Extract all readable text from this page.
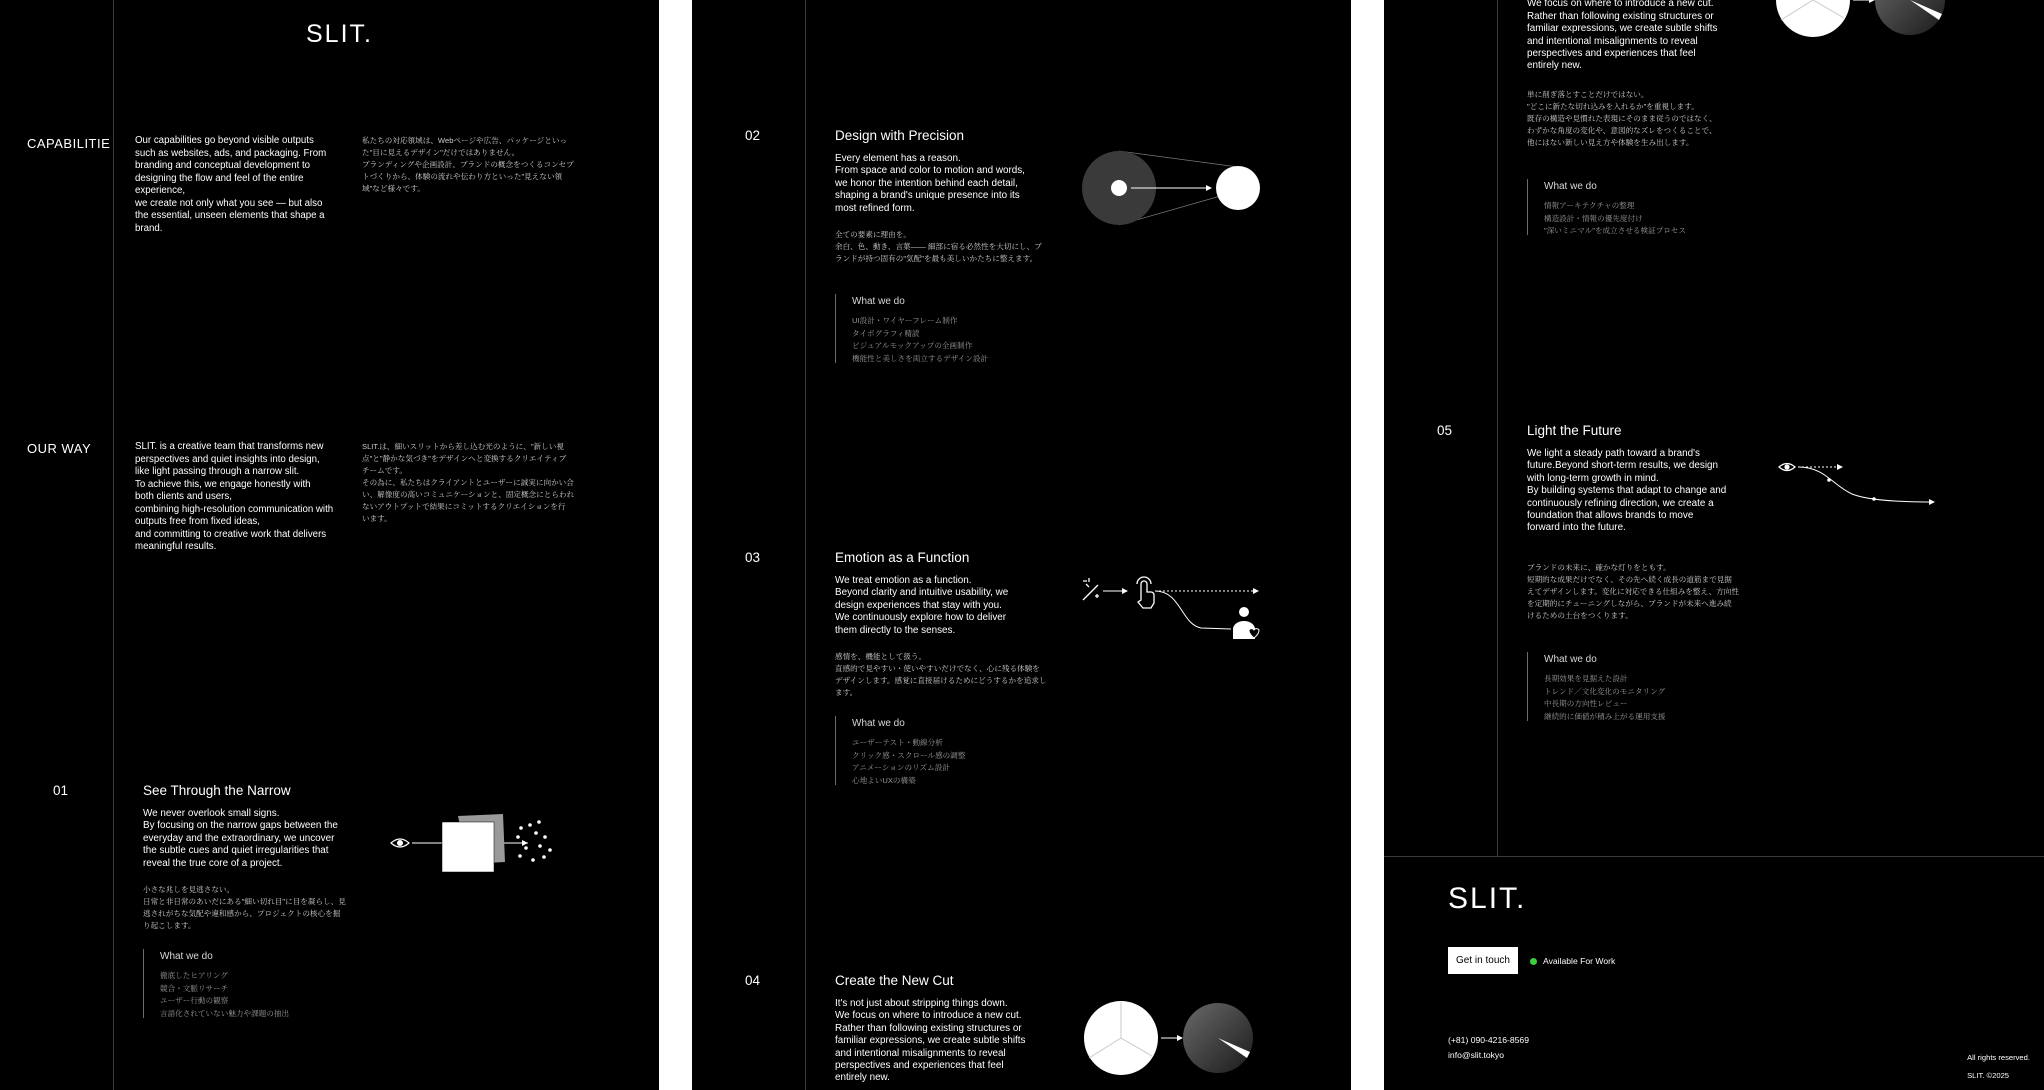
SLIT.
CAPABILITIE	Our capabilities go beyond visible outputs
such as websites, ads, and packaging. From
branding and conceptual development to
designing the flow and feel of the entire
experience,
we create not only what you see — but also
the essential, unseen elements that shape a
brand.
私たちの対応領域は、Webページや広告、パッケージといっ
た"目に見えるデザイン"だけではありません。
ブランディングや企画設計、ブランドの概念をつくるコンセプ
トづくりから、体験の流れや伝わり方といった"見えない領
域"など様々です。
OUR WAY	SLIT. is a creative team that transforms new
perspectives and quiet insights into design,
like light passing through a narrow slit.
To achieve this, we engage honestly with
both clients and users,
combining high-resolution communication with
outputs free from fixed ideas,
and committing to creative work that delivers
meaningful results.
SLIT.は、細いスリットから差し込む光のように、"新しい視
点"と"静かな気づき"をデザインへと変換するクリエイティブ
チームです。
その為に、私たちはクライアントとユーザーに誠実に向かい合
い、解像度の高いコミュニケーションと、固定概念にとらわれ
ないアウトプットで結果にコミットするクリエイションを行
います。
01	See Through the Narrow
We never overlook small signs.
By focusing on the narrow gaps between the
everyday and the extraordinary, we uncover
the subtle cues and quiet irregularities that
reveal the true core of a project.
小さな兆しを見逃さない。
日常と非日常のあいだにある"細い切れ目"に目を凝らし、見
逃されがちな気配や違和感から、プロジェクトの核心を掘
り起こします。
What we do
徹底したヒアリング
競合・文脈リサーチ
ユーザー行動の観察
言語化されていない魅力や課題の抽出
02	Design with Precision
Every element has a reason.
From space and color to motion and words,
we honor the intention behind each detail,
shaping a brand's unique presence into its
most refined form.
全ての要素に理由を。
余白、色、動き、言葉―― 細部に宿る必然性を大切にし、ブ
ランドが持つ固有の"気配"を最も美しいかたちに整えます。
What we do
UI設計・ワイヤーフレーム制作
タイポグラフィ精読
ビジュアルモックアップの全画制作
機能性と美しさを両立するデザイン設計
03	Emotion as a Function
We treat emotion as a function.
Beyond clarity and intuitive usability, we
design experiences that stay with you.
We continuously explore how to deliver
them directly to the senses.
感情を、機能として扱う。
直感的で見やすい・使いやすいだけでなく、心に残る体験を
デザインします。感覚に直接届けるためにどうするかを追求し
ます。
What we do
ユーザーテスト・動線分析
クリック感・スクロール感の調整
アニメーションのリズム設計
心地よいUXの構築
04	Create the New Cut
It's not just about stripping things down.
We focus on where to introduce a new cut.
Rather than following existing structures or
familiar expressions, we create subtle shifts
and intentional misalignments to reveal
perspectives and experiences that feel
entirely new.

We focus on where to introduce a new cut.
Rather than following existing structures or
familiar expressions, we create subtle shifts
and intentional misalignments to reveal
perspectives and experiences that feel
entirely new.
単に削ぎ落とすことだけではない。
"どこに新たな切れ込みを入れるか"を重視します。
既存の構造や見慣れた表現にそのまま従うのではなく、
わずかな角度の変化や、意図的なズレをつくることで、
他にはない新しい見え方や体験を生み出します。
What we do
情報アーキテクチャの整理
構造設計・情報の優先度付け
"深いミニマル"を成立させる検証プロセス
05	Light the Future
We light a steady path toward a brand's
future.Beyond short-term results, we design
with long-term growth in mind.
By building systems that adapt to change and
continuously refining direction, we create a
foundation that allows brands to move
forward into the future.
ブランドの未来に、確かな灯りをともす。
短期的な成果だけでなく、その先へ続く成長の道筋まで見据
えてデザインします。変化に対応できる仕組みを整え、方向性
を定期的にチューニングしながら、ブランドが未来へ進み続
けるための土台をつくります。
What we do
長期効果を見据えた設計
トレンド／文化変化のモニタリング
中長期の方向性レビュー
継続的に価値が積み上がる運用支援
SLIT.
Get in touch	Available For Work
(+81) 090-4216-8569
info@slit.tokyo	All rights reserved.

SLIT. ©2025
